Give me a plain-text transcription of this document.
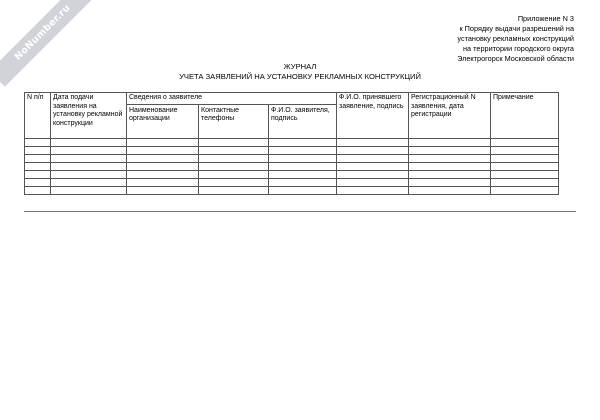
NoNumber.ru	Приложение N 3
к Порядку выдачи разрешений на
установку рекламных конструкций
на территории городского округа
Электрогорск Московской области
ЖУРНАЛ
УЧЕТА ЗАЯВЛЕНИЙ НА УСТАНОВКУ РЕКЛАМНЫХ КОНСТРУКЦИЙ
N п/п	Дата подачи заявления на установку рекламной конструкции	Сведения о заявителе			Ф.И.О. принявшего заявление, подпись	Регистрационный N заявления, дата регистрации	Примечание
		Наименование организации	Контактные телефоны	Ф.И.О. заявителя, подпись			
